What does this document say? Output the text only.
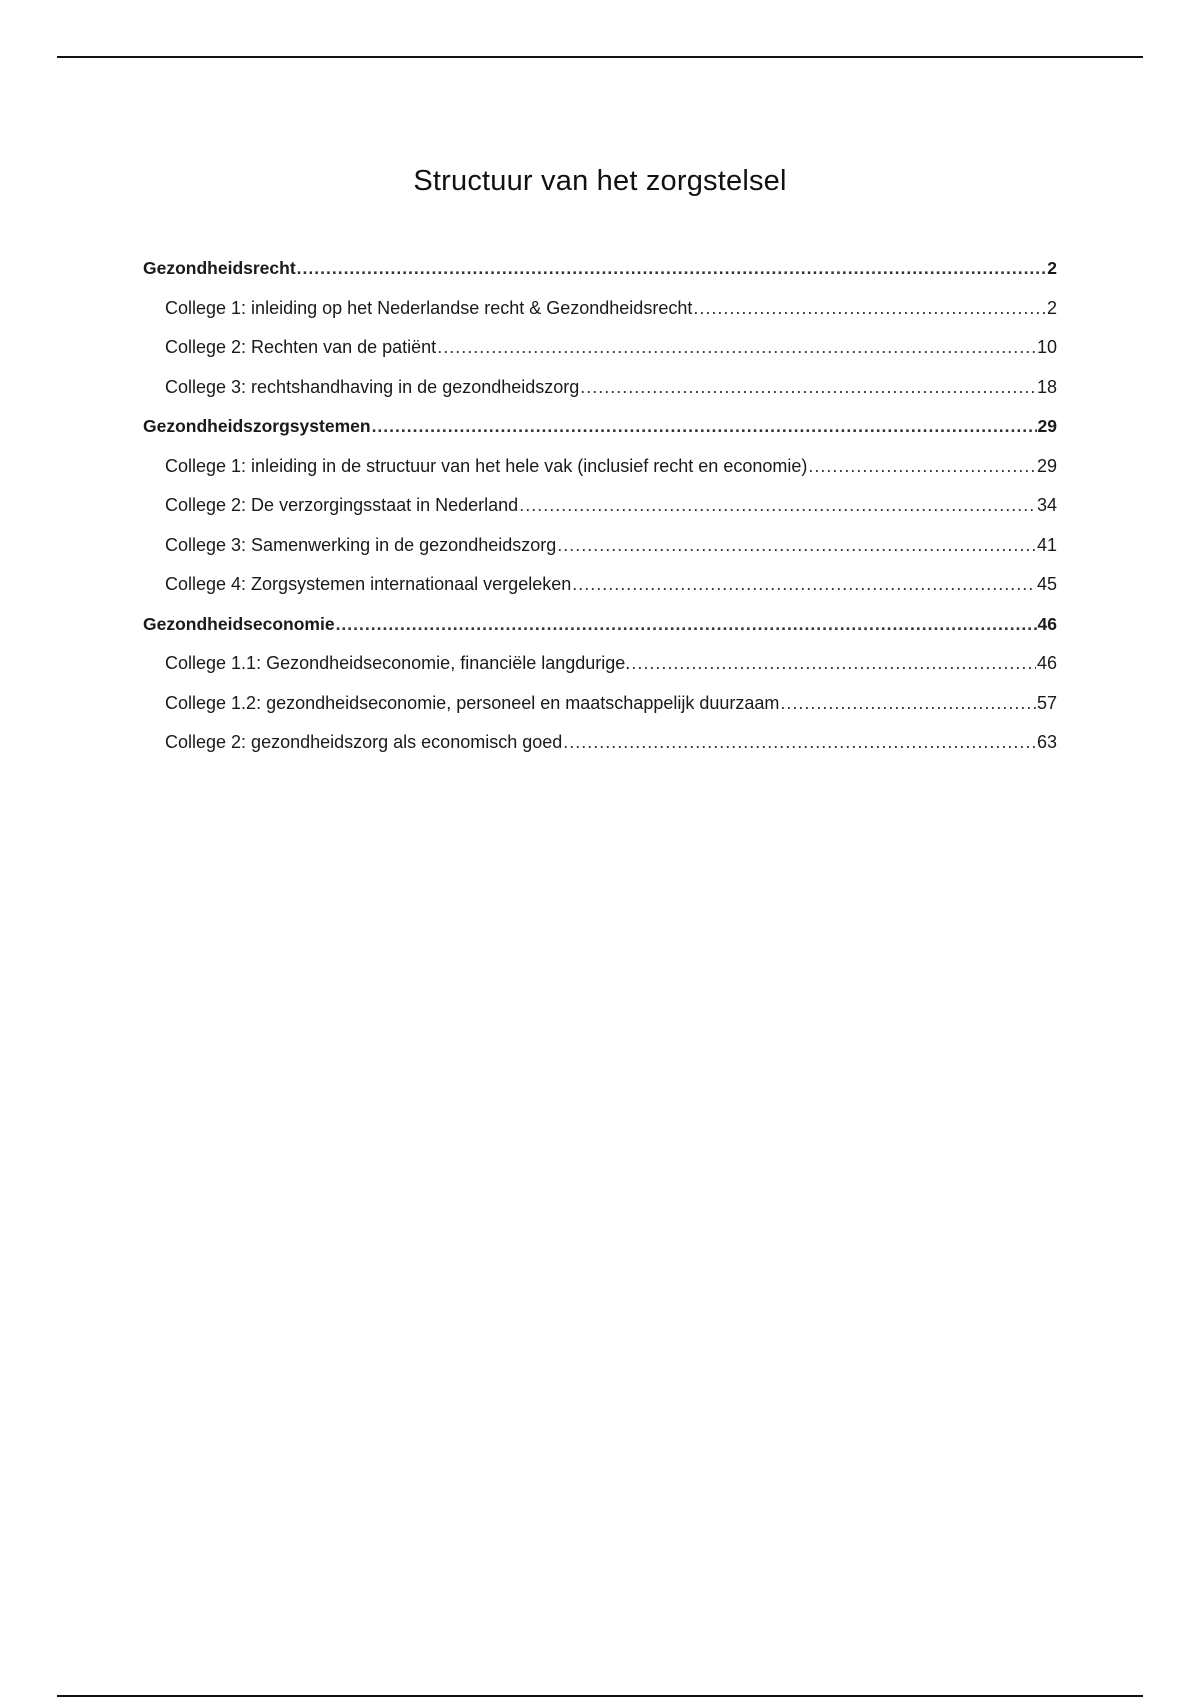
Structuur van het zorgstelsel
Gezondheidsrecht .....	2
College 1: inleiding op het Nederlandse recht & Gezondheidsrecht .....	2
College 2: Rechten van de patiënt .....	10
College 3: rechtshandhaving in de gezondheidszorg .....	18
Gezondheidszorgsystemen .....	29
College 1: inleiding in de structuur van het hele vak (inclusief recht en economie) .....	29
College 2: De verzorgingsstaat in Nederland .....	34
College 3: Samenwerking in de gezondheidszorg .....	41
College 4: Zorgsystemen internationaal vergeleken .....	45
Gezondheidseconomie .....	46
College 1.1: Gezondheidseconomie, financiële langdurige. .....	46
College 1.2: gezondheidseconomie, personeel en maatschappelijk duurzaam .....	57
College 2: gezondheidszorg als economisch goed .....	63
